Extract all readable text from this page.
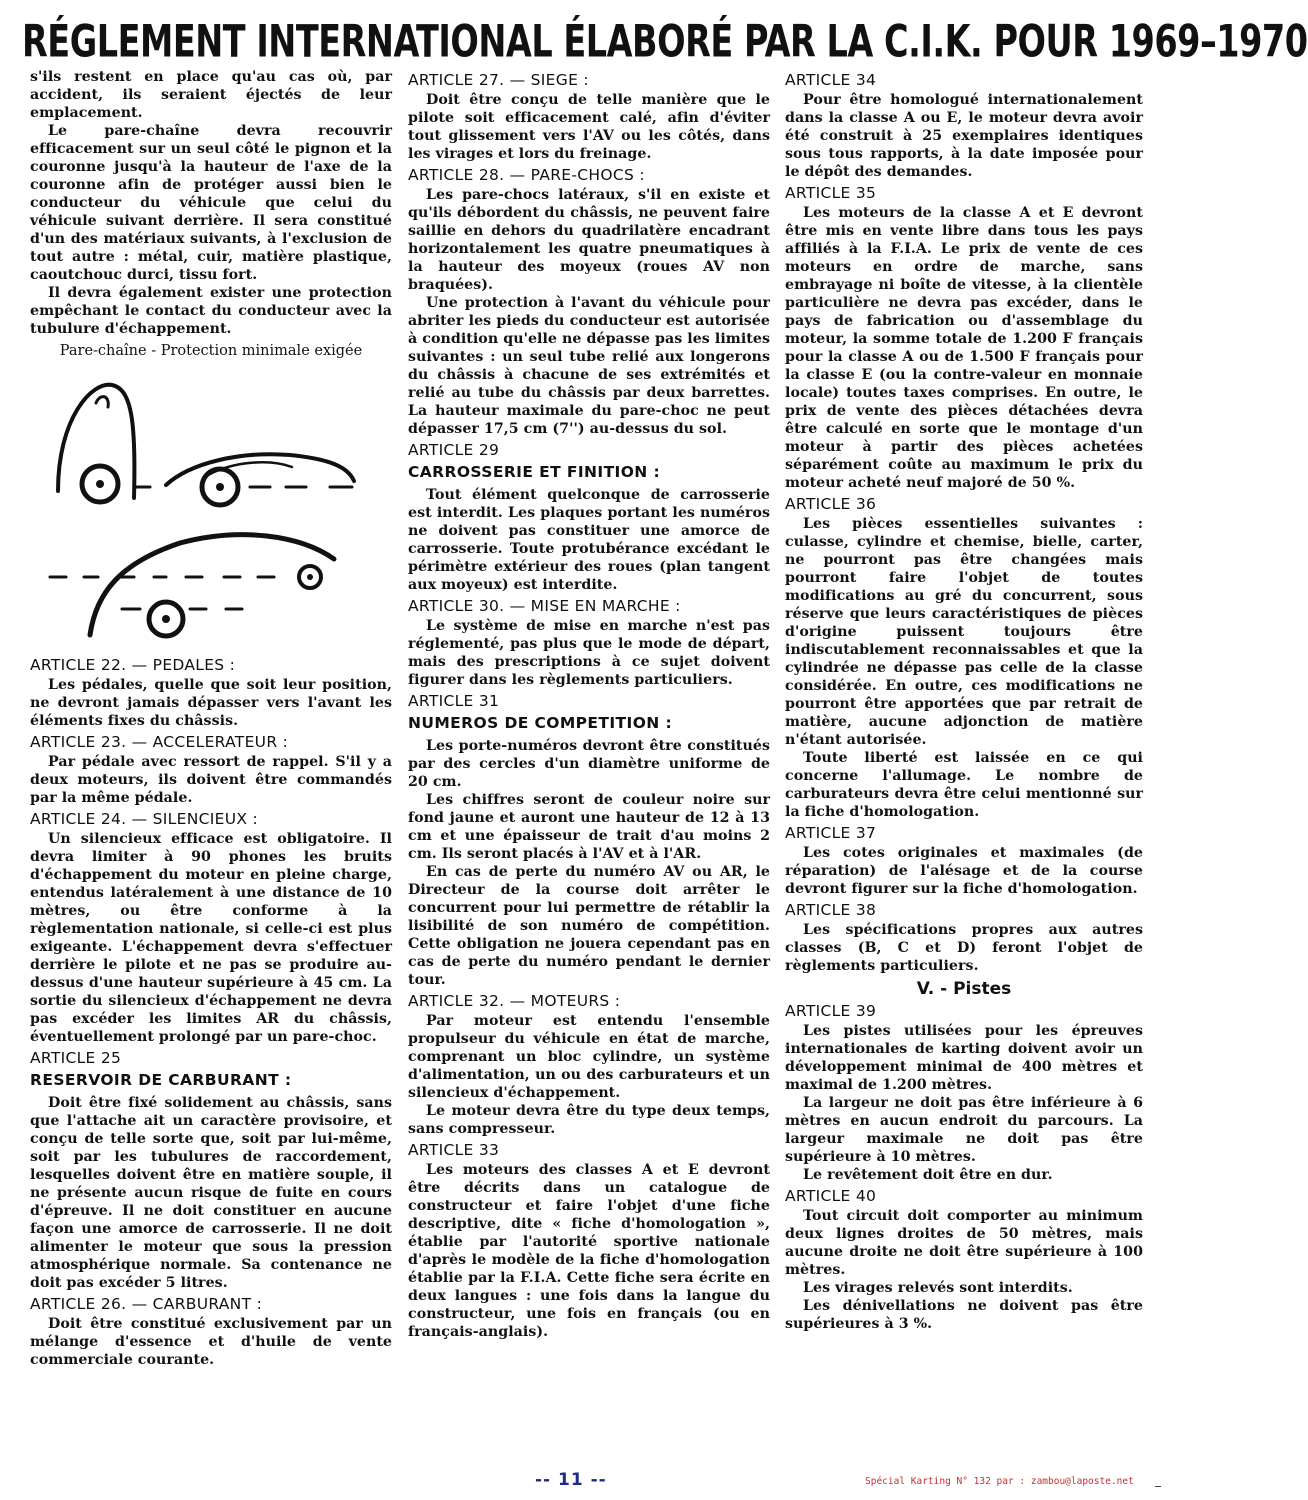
RÉGLEMENT INTERNATIONAL ÉLABORÉ PAR LA C.I.K. POUR 1969–1970

s'ils restent en place qu'au cas où, par accident, ils seraient éjectés de leur emplacement.

Le pare-chaîne devra recouvrir efficacement sur un seul côté le pignon et la couronne jusqu'à la hauteur de l'axe de la couronne afin de protéger aussi bien le conducteur du véhicule que celui du véhicule suivant derrière. Il sera constitué d'un des matériaux suivants, à l'exclusion de tout autre : métal, cuir, matière plastique, caoutchouc durci, tissu fort.

Il devra également exister une protection empêchant le contact du conducteur avec la tubulure d'échappement.

Pare-chaîne - Protection minimale exigée

ARTICLE 22. — PEDALES :

Les pédales, quelle que soit leur position, ne devront jamais dépasser vers l'avant les éléments fixes du châssis.

ARTICLE 23. — ACCELERATEUR :

Par pédale avec ressort de rappel. S'il y a deux moteurs, ils doivent être commandés par la même pédale.

ARTICLE 24. — SILENCIEUX :

Un silencieux efficace est obligatoire. Il devra limiter à 90 phones les bruits d'échappement du moteur en pleine charge, entendus latéralement à une distance de 10 mètres, ou être conforme à la règlementation nationale, si celle-ci est plus exigeante. L'échappement devra s'effectuer derrière le pilote et ne pas se produire au-dessus d'une hauteur supérieure à 45 cm. La sortie du silencieux d'échappement ne devra pas excéder les limites AR du châssis, éventuellement prolongé par un pare-choc.

ARTICLE 25
RESERVOIR DE CARBURANT :

Doit être fixé solidement au châssis, sans que l'attache ait un caractère provisoire, et conçu de telle sorte que, soit par lui-même, soit par les tubulures de raccordement, lesquelles doivent être en matière souple, il ne présente aucun risque de fuite en cours d'épreuve. Il ne doit constituer en aucune façon une amorce de carrosserie. Il ne doit alimenter le moteur que sous la pression atmosphérique normale. Sa contenance ne doit pas excéder 5 litres.

ARTICLE 26. — CARBURANT :

Doit être constitué exclusivement par un mélange d'essence et d'huile de vente commerciale courante.

ARTICLE 27. — SIEGE :

Doit être conçu de telle manière que le pilote soit efficacement calé, afin d'éviter tout glissement vers l'AV ou les côtés, dans les virages et lors du freinage.

ARTICLE 28. — PARE-CHOCS :

Les pare-chocs latéraux, s'il en existe et qu'ils débordent du châssis, ne peuvent faire saillie en dehors du quadrilatère encadrant horizontalement les quatre pneumatiques à la hauteur des moyeux (roues AV non braquées).

Une protection à l'avant du véhicule pour abriter les pieds du conducteur est autorisée à condition qu'elle ne dépasse pas les limites suivantes : un seul tube relié aux longerons du châssis à chacune de ses extrémités et relié au tube du châssis par deux barrettes. La hauteur maximale du pare-choc ne peut dépasser 17,5 cm (7'') au-dessus du sol.

ARTICLE 29
CARROSSERIE ET FINITION :

Tout élément quelconque de carrosserie est interdit. Les plaques portant les numéros ne doivent pas constituer une amorce de carrosserie. Toute protubérance excédant le périmètre extérieur des roues (plan tangent aux moyeux) est interdite.

ARTICLE 30. — MISE EN MARCHE :

Le système de mise en marche n'est pas réglementé, pas plus que le mode de départ, mais des prescriptions à ce sujet doivent figurer dans les règlements particuliers.

ARTICLE 31
NUMEROS DE COMPETITION :

Les porte-numéros devront être constitués par des cercles d'un diamètre uniforme de 20 cm.

Les chiffres seront de couleur noire sur fond jaune et auront une hauteur de 12 à 13 cm et une épaisseur de trait d'au moins 2 cm. Ils seront placés à l'AV et à l'AR.

En cas de perte du numéro AV ou AR, le Directeur de la course doit arrêter le concurrent pour lui permettre de rétablir la lisibilité de son numéro de compétition. Cette obligation ne jouera cependant pas en cas de perte du numéro pendant le dernier tour.

ARTICLE 32. — MOTEURS :

Par moteur est entendu l'ensemble propulseur du véhicule en état de marche, comprenant un bloc cylindre, un système d'alimentation, un ou des carburateurs et un silencieux d'échappement.

Le moteur devra être du type deux temps, sans compresseur.

ARTICLE 33

Les moteurs des classes A et E devront être décrits dans un catalogue de constructeur et faire l'objet d'une fiche descriptive, dite « fiche d'homologation », établie par l'autorité sportive nationale d'après le modèle de la fiche d'homologation établie par la F.I.A. Cette fiche sera écrite en deux langues : une fois dans la langue du constructeur, une fois en français (ou en français-anglais).

ARTICLE 34

Pour être homologué internationalement dans la classe A ou E, le moteur devra avoir été construit à 25 exemplaires identiques sous tous rapports, à la date imposée pour le dépôt des demandes.

ARTICLE 35

Les moteurs de la classe A et E devront être mis en vente libre dans tous les pays affiliés à la F.I.A. Le prix de vente de ces moteurs en ordre de marche, sans embrayage ni boîte de vitesse, à la clientèle particulière ne devra pas excéder, dans le pays de fabrication ou d'assemblage du moteur, la somme totale de 1.200 F français pour la classe A ou de 1.500 F français pour la classe E (ou la contre-valeur en monnaie locale) toutes taxes comprises. En outre, le prix de vente des pièces détachées devra être calculé en sorte que le montage d'un moteur à partir des pièces achetées séparément coûte au maximum le prix du moteur acheté neuf majoré de 50 %.

ARTICLE 36

Les pièces essentielles suivantes : culasse, cylindre et chemise, bielle, carter, ne pourront pas être changées mais pourront faire l'objet de toutes modifications au gré du concurrent, sous réserve que leurs caractéristiques de pièces d'origine puissent toujours être indiscutablement reconnaissables et que la cylindrée ne dépasse pas celle de la classe considérée. En outre, ces modifications ne pourront être apportées que par retrait de matière, aucune adjonction de matière n'étant autorisée.

Toute liberté est laissée en ce qui concerne l'allumage. Le nombre de carburateurs devra être celui mentionné sur la fiche d'homologation.

ARTICLE 37

Les cotes originales et maximales (de réparation) de l'alésage et de la course devront figurer sur la fiche d'homologation.

ARTICLE 38

Les spécifications propres aux autres classes (B, C et D) feront l'objet de règlements particuliers.

V. - Pistes
ARTICLE 39

Les pistes utilisées pour les épreuves internationales de karting doivent avoir un développement minimal de 400 mètres et maximal de 1.200 mètres.

La largeur ne doit pas être inférieure à 6 mètres en aucun endroit du parcours. La largeur maximale ne doit pas être supérieure à 10 mètres.

Le revêtement doit être en dur.

ARTICLE 40

Tout circuit doit comporter au minimum deux lignes droites de 50 mètres, mais aucune droite ne doit être supérieure à 100 mètres.

Les virages relevés sont interdits.

Les dénivellations ne doivent pas être supérieures à 3 %.

-- 11 --	Spécial Karting N° 132 par : zambou@laposte.net
